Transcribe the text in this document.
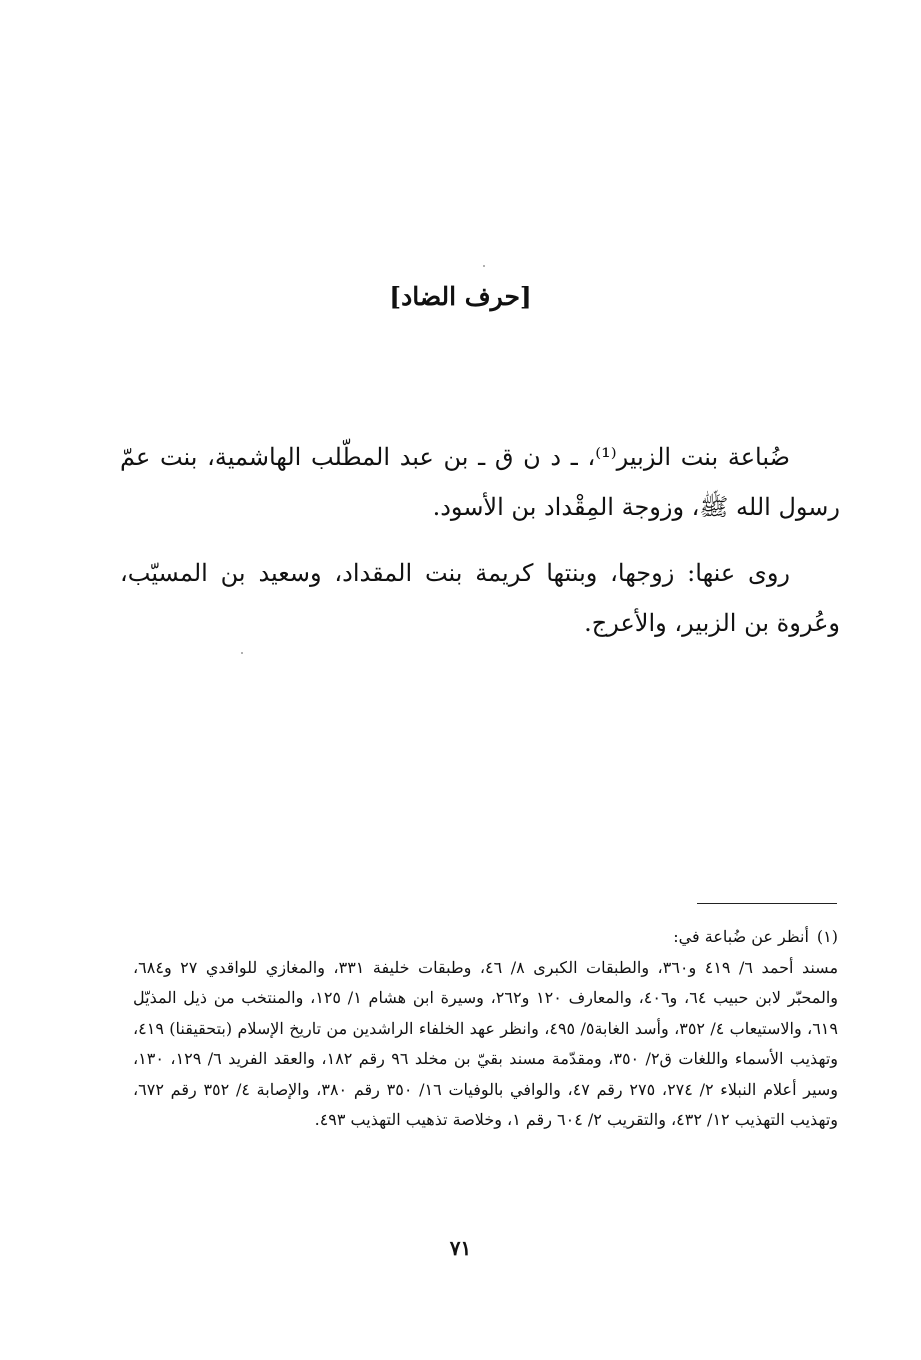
[حرف الضاد]

ضُباعة بنت الزبير⁽¹⁾، ـ د ن ق ـ بن عبد المطّلب الهاشمية، بنت عمّ رسول الله ﷺ، وزوجة المِقْداد بن الأسود.

روى عنها: زوجها، وبنتها كريمة بنت المقداد، وسعيد بن المسيّب، وعُروة بن الزبير، والأعرج.

(١)أنظر عن ضُباعة في:
مسند أحمد ٦/ ٤١٩ و٣٦٠، والطبقات الكبرى ٨/ ٤٦، وطبقات خليفة ٣٣١، والمغازي للواقدي ٢٧ و٦٨٤، والمحبّر لابن حبيب ٦٤، و٤٠٦، والمعارف ١٢٠ و٢٦٢، وسيرة ابن هشام ١/ ١٢٥، والمنتخب من ذيل المذيّل ٦١٩، والاستيعاب ٤/ ٣٥٢، وأسد الغابة٥/ ٤٩٥، وانظر عهد الخلفاء الراشدين من تاريخ الإسلام (بتحقيقنا) ٤١٩، وتهذيب الأسماء واللغات ق٢/ ٣٥٠، ومقدّمة مسند بقيّ بن مخلد ٩٦ رقم ١٨٢، والعقد الفريد ٦/ ١٢٩، ١٣٠، وسير أعلام النبلاء ٢/ ٢٧٤، ٢٧٥ رقم ٤٧، والوافي بالوفيات ١٦/ ٣٥٠ رقم ٣٨٠، والإصابة ٤/ ٣٥٢ رقم ٦٧٢، وتهذيب التهذيب ١٢/ ٤٣٢، والتقريب ٢/ ٦٠٤ رقم ١، وخلاصة تذهيب التهذيب ٤٩٣.
٧١
